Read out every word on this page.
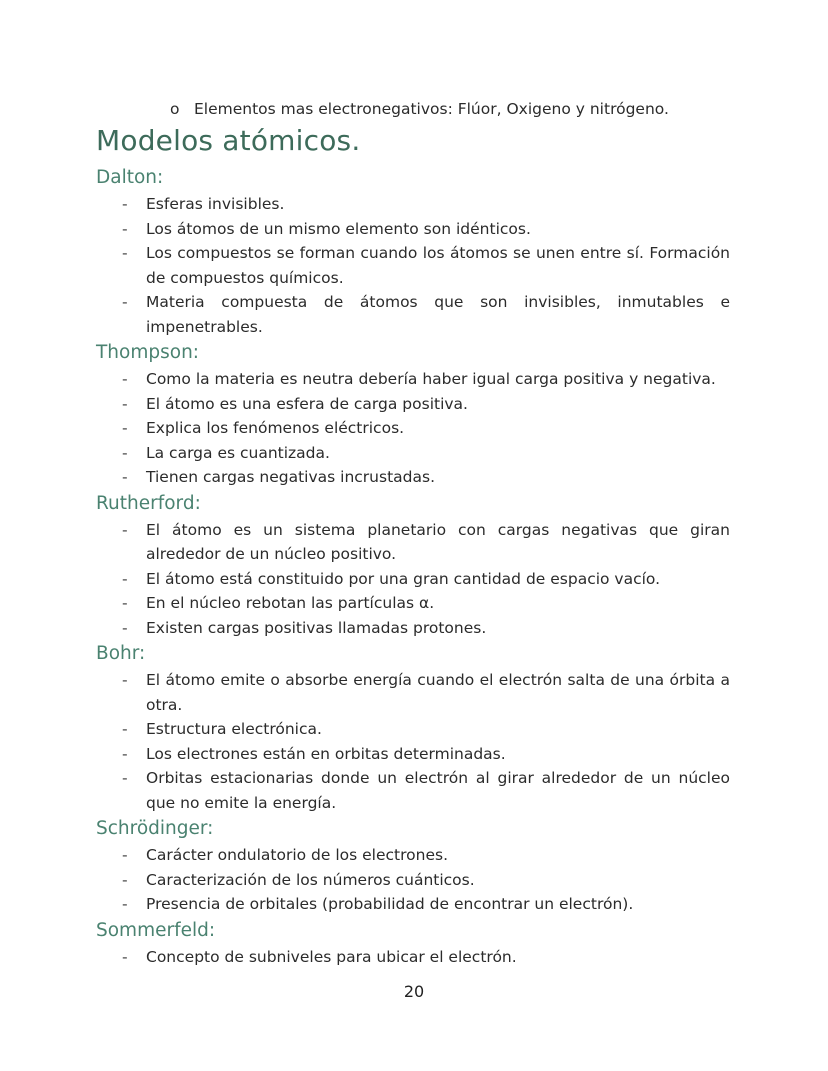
o Elementos mas electronegativos: Flúor, Oxigeno y nitrógeno.
Modelos atómicos.
Dalton:
- Esferas invisibles.
- Los átomos de un mismo elemento son idénticos.
- Los compuestos se forman cuando los átomos se unen entre sí. Formación de compuestos químicos.
- Materia compuesta de átomos que son invisibles, inmutables e impenetrables.
Thompson:
- Como la materia es neutra debería haber igual carga positiva y negativa.
- El átomo es una esfera de carga positiva.
- Explica los fenómenos eléctricos.
- La carga es cuantizada.
- Tienen cargas negativas incrustadas.
Rutherford:
- El átomo es un sistema planetario con cargas negativas que giran alrededor de un núcleo positivo.
- El átomo está constituido por una gran cantidad de espacio vacío.
- En el núcleo rebotan las partículas α.
- Existen cargas positivas llamadas protones.
Bohr:
- El átomo emite o absorbe energía cuando el electrón salta de una órbita a otra.
- Estructura electrónica.
- Los electrones están en orbitas determinadas.
- Orbitas estacionarias donde un electrón al girar alrededor de un núcleo que no emite la energía.
Schrödinger:
- Carácter ondulatorio de los electrones.
- Caracterización de los números cuánticos.
- Presencia de orbitales (probabilidad de encontrar un electrón).
Sommerfeld:
- Concepto de subniveles para ubicar el electrón.
20
